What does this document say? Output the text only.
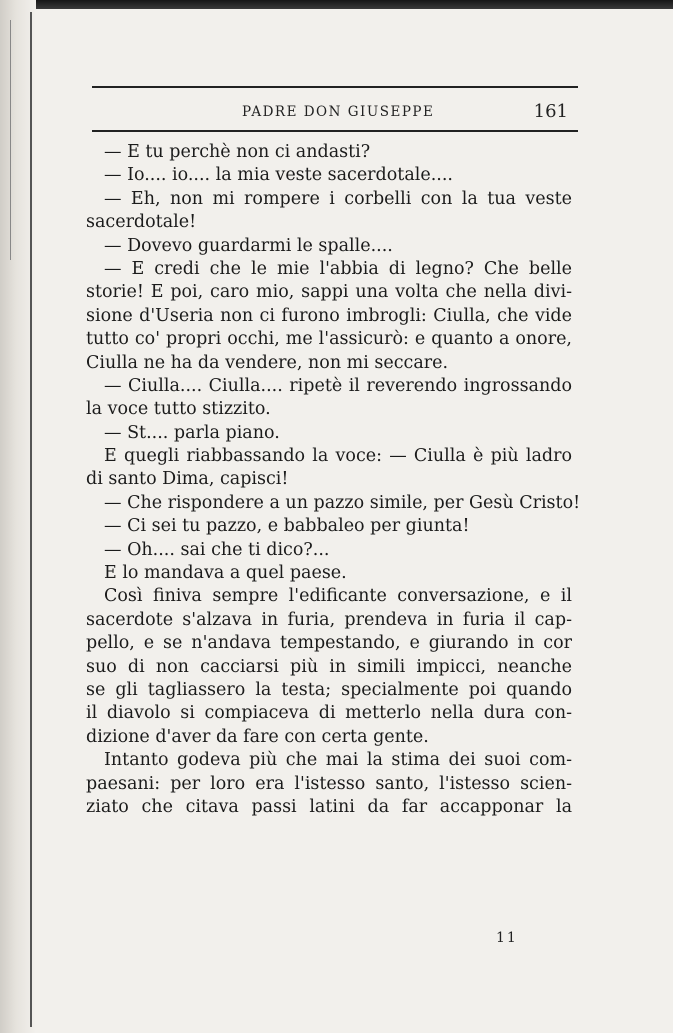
PADRE DON GIUSEPPE	161
— E tu perchè non ci andasti?
— Io.... io.... la mia veste sacerdotale....
— Eh, non mi rompere i corbelli con la tua veste
sacerdotale!
— Dovevo guardarmi le spalle....
— E credi che le mie l'abbia di legno? Che belle
storie! E poi, caro mio, sappi una volta che nella divi-
sione d'Useria non ci furono imbrogli: Ciulla, che vide
tutto co' propri occhi, me l'assicurò: e quanto a onore,
Ciulla ne ha da vendere, non mi seccare.
— Ciulla.... Ciulla.... ripetè il reverendo ingrossando
la voce tutto stizzito.
— St.... parla piano.
E quegli riabbassando la voce: — Ciulla è più ladro
di santo Dima, capisci!
— Che rispondere a un pazzo simile, per Gesù Cristo!
— Ci sei tu pazzo, e babbaleo per giunta!
— Oh.... sai che ti dico?...
E lo mandava a quel paese.
Così finiva sempre l'edificante conversazione, e il
sacerdote s'alzava in furia, prendeva in furia il cap-
pello, e se n'andava tempestando, e giurando in cor
suo di non cacciarsi più in simili impicci, neanche
se gli tagliassero la testa; specialmente poi quando
il diavolo si compiaceva di metterlo nella dura con-
dizione d'aver da fare con certa gente.
Intanto godeva più che mai la stima dei suoi com-
paesani: per loro era l'istesso santo, l'istesso scien-
ziato che citava passi latini da far accapponar la
11
